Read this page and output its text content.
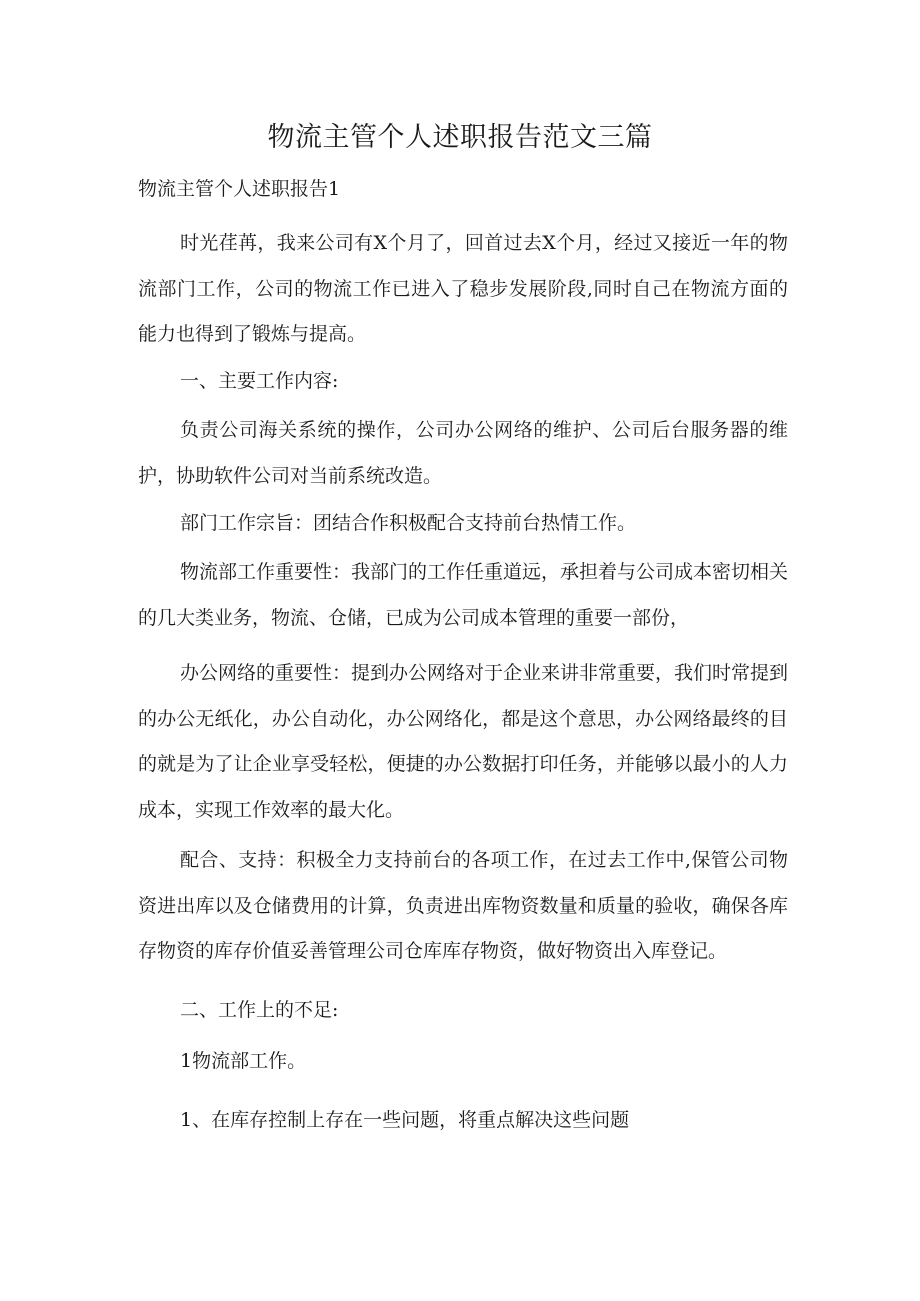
物流主管个人述职报告范文三篇

物流主管个人述职报告1

时光荏苒，我来公司有X个月了，回首过去X个月，经过又接近一年的物流部门工作，公司的物流工作已进入了稳步发展阶段,同时自己在物流方面的能力也得到了锻炼与提高。

一、主要工作内容:

负责公司海关系统的操作，公司办公网络的维护、公司后台服务器的维护，协助软件公司对当前系统改造。

部门工作宗旨：团结合作积极配合支持前台热情工作。

物流部工作重要性：我部门的工作任重道远，承担着与公司成本密切相关的几大类业务，物流、仓储，已成为公司成本管理的重要一部份，

办公网络的重要性：提到办公网络对于企业来讲非常重要，我们时常提到的办公无纸化，办公自动化，办公网络化，都是这个意思，办公网络最终的目的就是为了让企业享受轻松，便捷的办公数据打印任务，并能够以最小的人力成本，实现工作效率的最大化。

配合、支持：积极全力支持前台的各项工作，在过去工作中,保管公司物资进出库以及仓储费用的计算，负责进出库物资数量和质量的验收，确保各库存物资的库存价值妥善管理公司仓库库存物资，做好物资出入库登记。

二、工作上的不足:

1物流部工作。

1、在库存控制上存在一些问题，将重点解决这些问题
